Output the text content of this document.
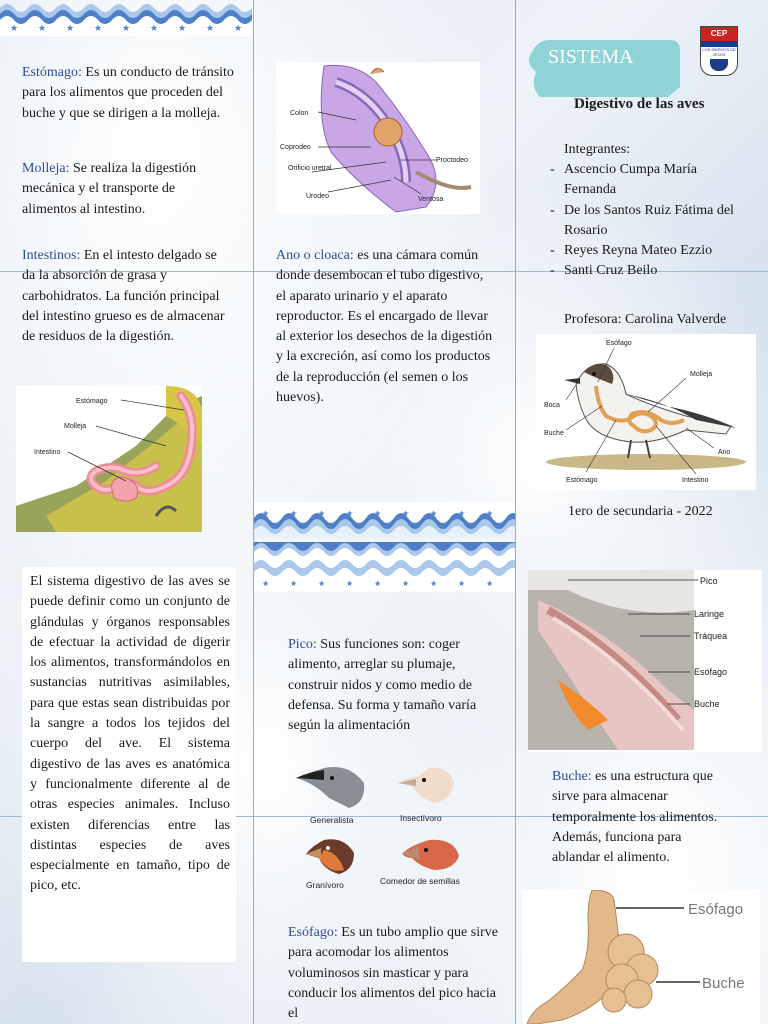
Estómago: Es un conducto de tránsito para los alimentos que proceden del buche y que se dirigen a la molleja.
Molleja: Se realiza la digestión mecánica y el transporte de alimentos al intestino.
Intestinos: En el intesto delgado se da la absorción de grasa y carbohidratos. La función principal del intestino grueso es de almacenar de residuos de la digestión.
Estómago
Molleja
Intestino
El sistema digestivo de las aves se puede definir como un conjunto de glándulas y órganos responsables de efectuar la actividad de digerir los alimentos, transformándolos en sustancias nutritivas asimilables, para que estas sean distribuidas por la sangre a todos los tejidos del cuerpo del ave. El sistema digestivo de las aves es anatómica y funcionalmente diferente al de otras especies animales. Incluso existen diferencias entre las distintas especies de aves especialmente en tamaño, tipo de pico, etc.
Colon
Coprodeo
Orificio uretral
Urodeo
Proctodeo
Ventosa
Ano o cloaca: es una cámara común donde desembocan el tubo digestivo, el aparato urinario y el aparato reproductor. Es el encargado de llevar al exterior los desechos de la digestión y la excreción, así como los productos de la reproducción (el semen o los huevos).
Pico: Sus funciones son: coger alimento, arreglar su plumaje, construir nidos y como medio de defensa. Su forma y tamaño varía según la alimentación
Generalista	Insectívoro
Granívoro	Comedor de semillas
Esófago: Es un tubo amplio que sirve para acomodar los alimentos voluminosos sin masticar y para conducir los alimentos del pico hacia el
SISTEMA
CEP
LOS SIERVOS DE JESÚS
Digestivo de las aves
Integrantes:
- Ascencio Cumpa María Fernanda
- De los Santos Ruiz Fátima del Rosario
- Reyes Reyna Mateo Ezzio
- Santi Cruz Beilo
Profesora: Carolina Valverde
Esófago
Molleja
Boca
Buche
Ano
Estómago	Intestino
1ero de secundaria - 2022
Pico
Laringe
Tráquea
Esófago
Buche
Buche: es una estructura que sirve para almacenar temporalmente los alimentos. Además, funciona para ablandar el alimento.
Esófago
Buche
